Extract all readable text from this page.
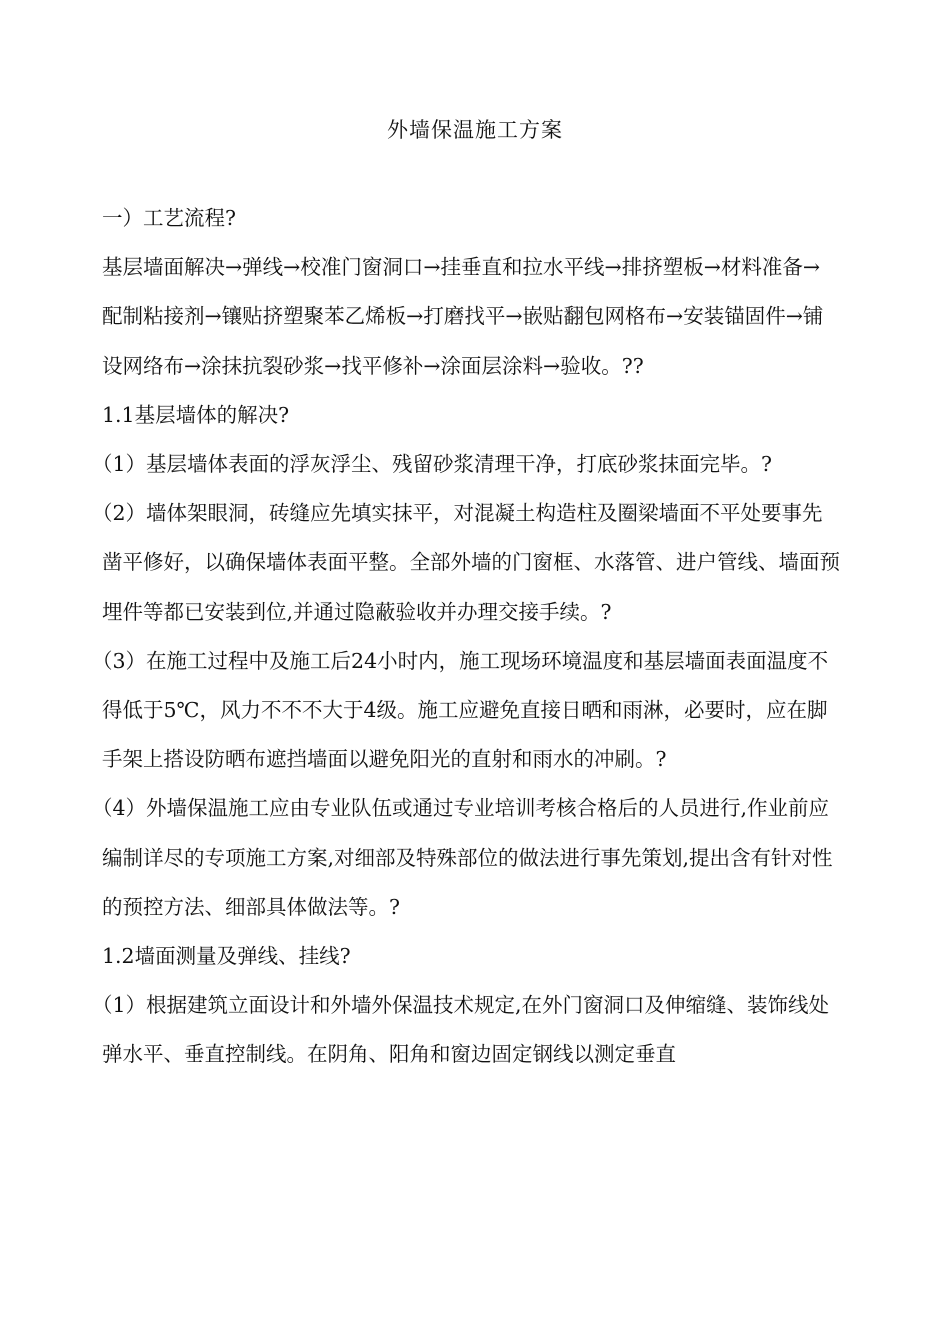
外墙保温施工方案

一）工艺流程?

基层墙面解决→弹线→校准门窗洞口→挂垂直和拉水平线→排挤塑板→材料准备→配制粘接剂→镶贴挤塑聚苯乙烯板→打磨找平→嵌贴翻包网格布→安装锚固件→铺设网络布→涂抹抗裂砂浆→找平修补→涂面层涂料→验收。??

1.1基层墙体的解决?

（1）基层墙体表面的浮灰浮尘、残留砂浆清理干净，打底砂浆抹面完毕。?

（2）墙体架眼洞，砖缝应先填实抹平，对混凝土构造柱及圈梁墙面不平处要事先凿平修好，以确保墙体表面平整。全部外墙的门窗框、水落管、进户管线、墙面预埋件等都已安装到位,并通过隐蔽验收并办理交接手续。?

（3）在施工过程中及施工后24小时内，施工现场环境温度和基层墙面表面温度不得低于5℃，风力不不不大于4级。施工应避免直接日晒和雨淋，必要时，应在脚手架上搭设防晒布遮挡墙面以避免阳光的直射和雨水的冲刷。?

（4）外墙保温施工应由专业队伍或通过专业培训考核合格后的人员进行,作业前应编制详尽的专项施工方案,对细部及特殊部位的做法进行事先策划,提出含有针对性的预控方法、细部具体做法等。?

1.2墙面测量及弹线、挂线?

（1）根据建筑立面设计和外墙外保温技术规定,在外门窗洞口及伸缩缝、装饰线处弹水平、垂直控制线。在阴角、阳角和窗边固定钢线以测定垂直
